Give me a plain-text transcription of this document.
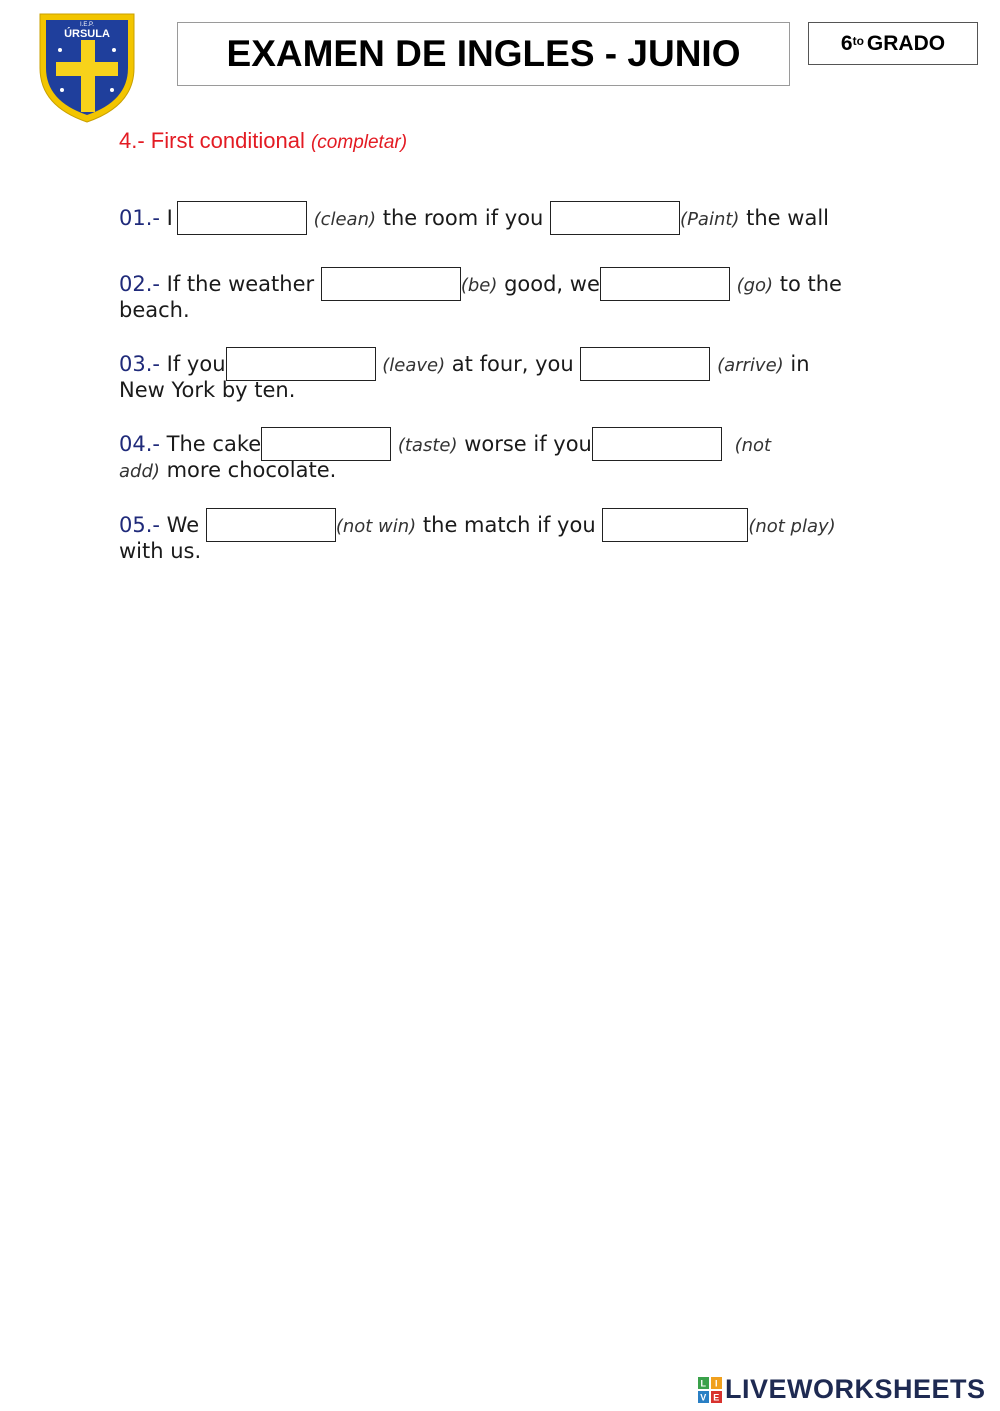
I.E.P.
ÚRSULA	EXAMEN DE INGLES - JUNIO	$6^{to}$ GRADO
4.- First conditional (completar)
01.- I	(clean) the room if you	(Paint) the wall
02.- If the weather	(be) good, we	(go) to the
beach.
03.- If you	(leave) at four, you	(arrive) in
New York by ten.
04.- The cake	(taste) worse if you	(not
add) more chocolate.
05.- We	(not win) the match if you	(not play)
with us.
L I
V E LIVEWORKSHEETS
